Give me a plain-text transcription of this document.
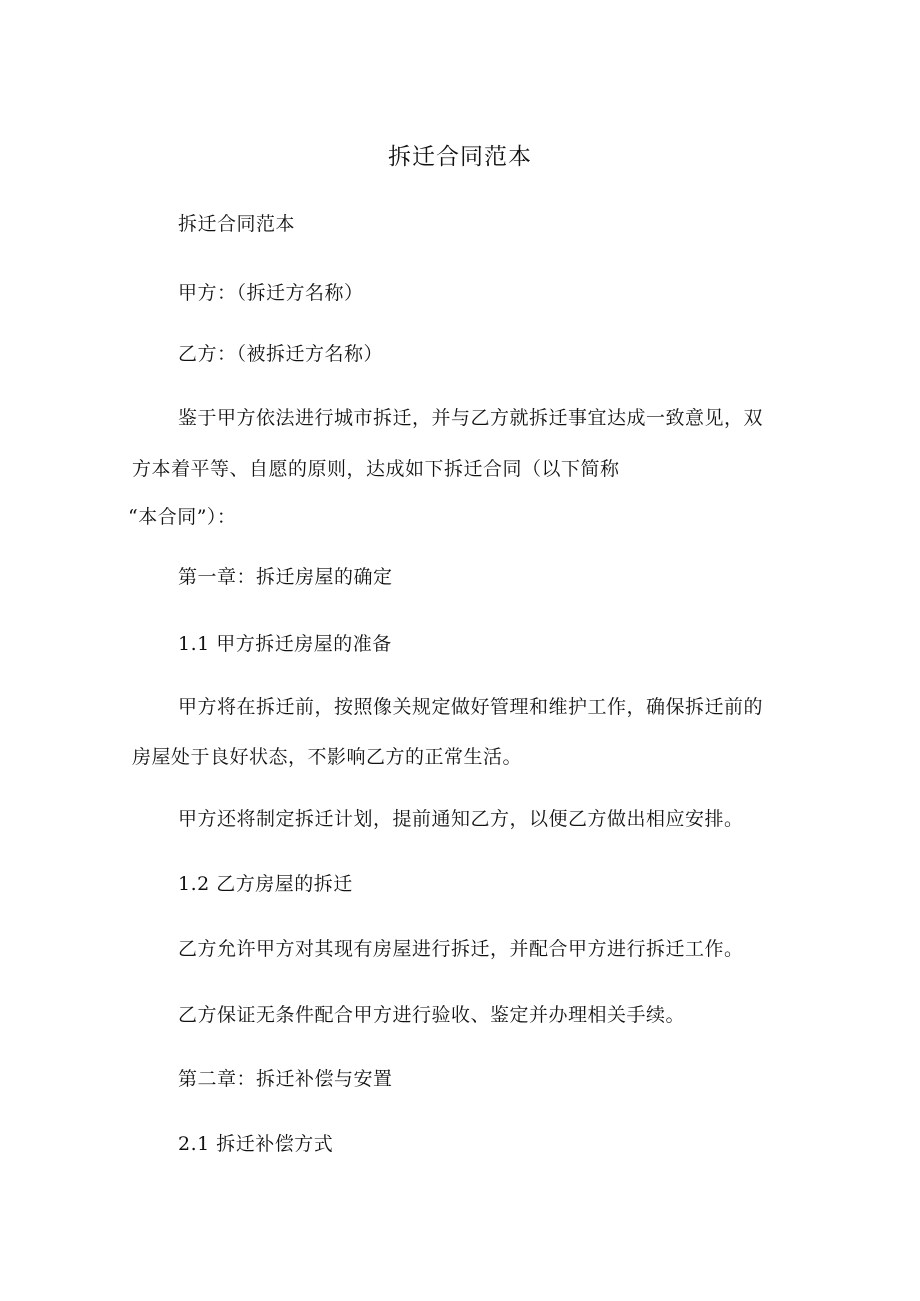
拆迁合同范本

拆迁合同范本

甲方：（拆迁方名称）

乙方：（被拆迁方名称）

鉴于甲方依法进行城市拆迁，并与乙方就拆迁事宜达成一致意见，双

方本着平等、自愿的原则，达成如下拆迁合同（以下简称

“本合同”）：

第一章：拆迁房屋的确定

1.1 甲方拆迁房屋的准备

甲方将在拆迁前，按照像关规定做好管理和维护工作，确保拆迁前的

房屋处于良好状态，不影响乙方的正常生活。

甲方还将制定拆迁计划，提前通知乙方，以便乙方做出相应安排。

1.2 乙方房屋的拆迁

乙方允许甲方对其现有房屋进行拆迁，并配合甲方进行拆迁工作。

乙方保证无条件配合甲方进行验收、鉴定并办理相关手续。

第二章：拆迁补偿与安置

2.1 拆迁补偿方式
